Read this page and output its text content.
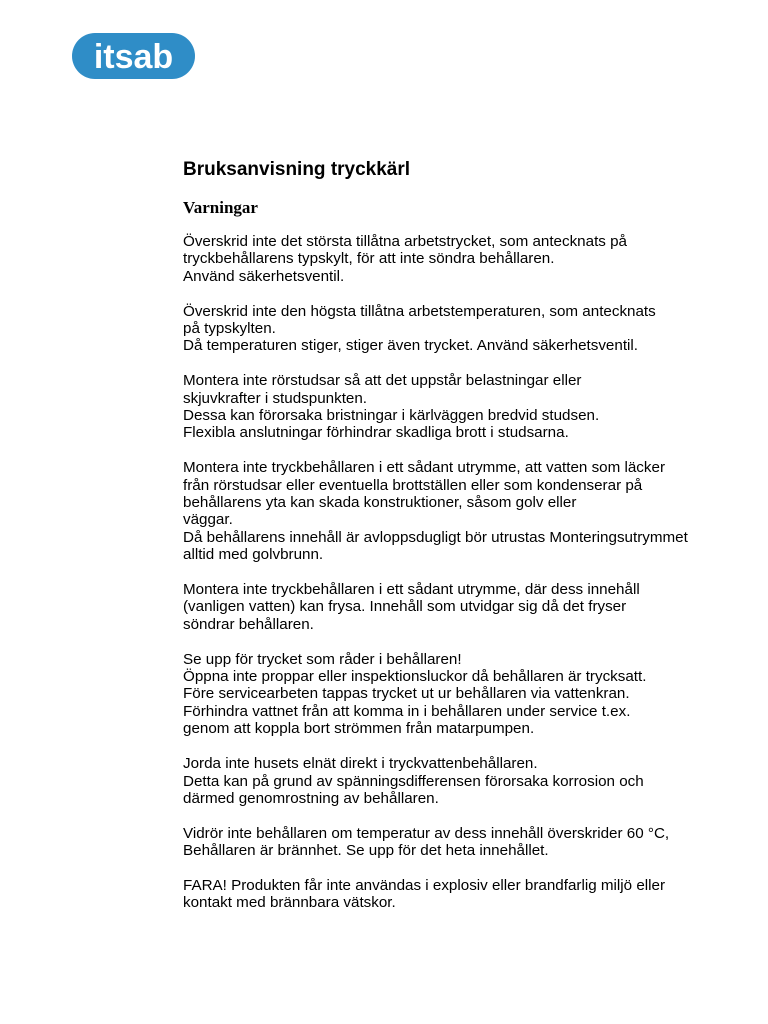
itsab
Bruksanvisning tryckkärl
Varningar

Överskrid inte det största tillåtna arbetstrycket, som antecknats på
tryckbehållarens typskylt, för att inte söndra behållaren.
Använd säkerhetsventil.

Överskrid inte den högsta tillåtna arbetstemperaturen, som antecknats
på typskylten.
Då temperaturen stiger, stiger även trycket. Använd säkerhetsventil.

Montera inte rörstudsar så att det uppstår belastningar eller
skjuvkrafter i studspunkten.
Dessa kan förorsaka bristningar i kärlväggen bredvid studsen.
Flexibla anslutningar förhindrar skadliga brott i studsarna.

Montera inte tryckbehållaren i ett sådant utrymme, att vatten som läcker
från rörstudsar eller eventuella brottställen eller som kondenserar på
behållarens yta kan skada konstruktioner, såsom golv eller
väggar.
Då behållarens innehåll är avloppsdugligt bör utrustas Monteringsutrymmet
alltid med golvbrunn.

Montera inte tryckbehållaren i ett sådant utrymme, där dess innehåll
(vanligen vatten) kan frysa. Innehåll som utvidgar sig då det fryser
söndrar behållaren.

Se upp för trycket som råder i behållaren!
Öppna inte proppar eller inspektionsluckor då behållaren är trycksatt.
Före servicearbeten tappas trycket ut ur behållaren via vattenkran.
Förhindra vattnet från att komma in i behållaren under service t.ex.
genom att koppla bort strömmen från matarpumpen.

Jorda inte husets elnät direkt i tryckvattenbehållaren.
Detta kan på grund av spänningsdifferensen förorsaka korrosion och
därmed genomrostning av behållaren.

Vidrör inte behållaren om temperatur av dess innehåll överskrider 60 °C,
Behållaren är brännhet. Se upp för det heta innehållet.

FARA! Produkten får inte användas i explosiv eller brandfarlig miljö eller
kontakt med brännbara vätskor.
